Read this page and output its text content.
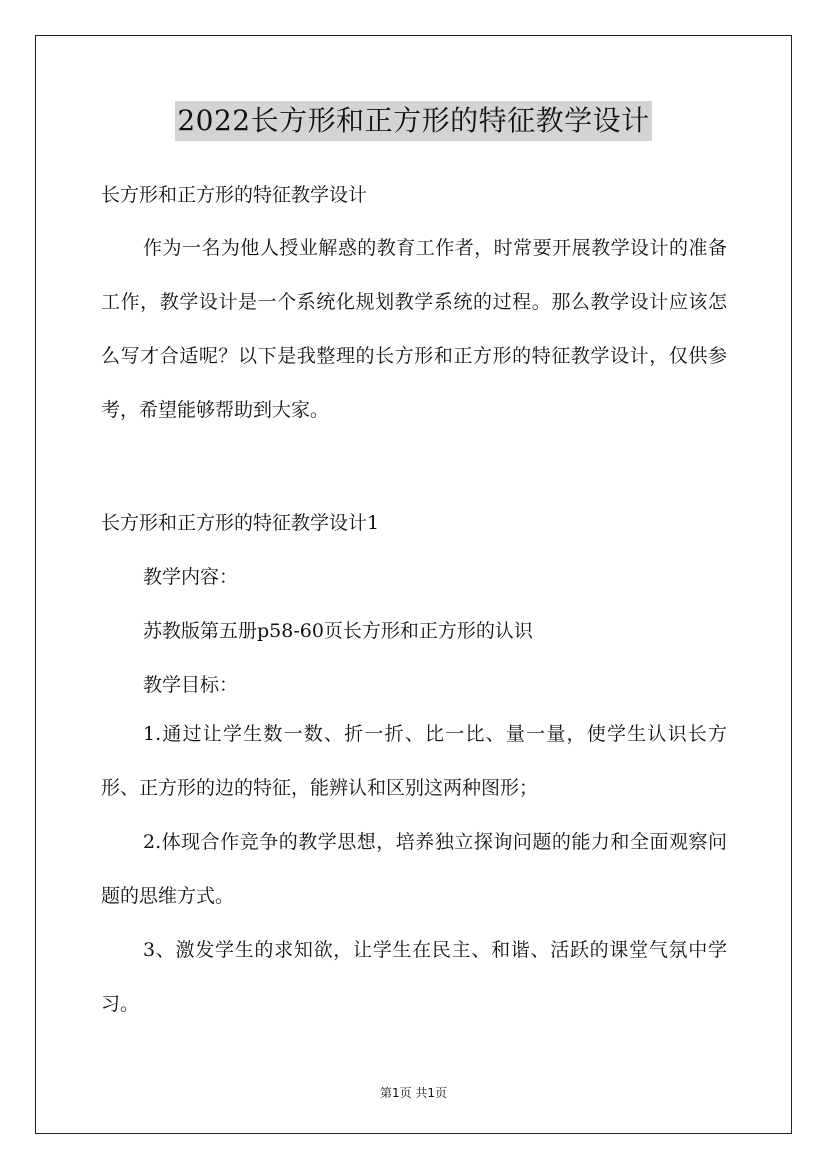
2022长方形和正方形的特征教学设计
长方形和正方形的特征教学设计
作为一名为他人授业解惑的教育工作者，时常要开展教学设计的准备工作，教学设计是一个系统化规划教学系统的过程。那么教学设计应该怎么写才合适呢？以下是我整理的长方形和正方形的特征教学设计，仅供参考，希望能够帮助到大家。
长方形和正方形的特征教学设计1
教学内容：
苏教版第五册p58-60页长方形和正方形的认识
教学目标：
1.通过让学生数一数、折一折、比一比、量一量，使学生认识长方形、正方形的边的特征，能辨认和区别这两种图形；
2.体现合作竞争的教学思想，培养独立探询问题的能力和全面观察问题的思维方式。
3、激发学生的求知欲，让学生在民主、和谐、活跃的课堂气氛中学习。
第1页 共1页
